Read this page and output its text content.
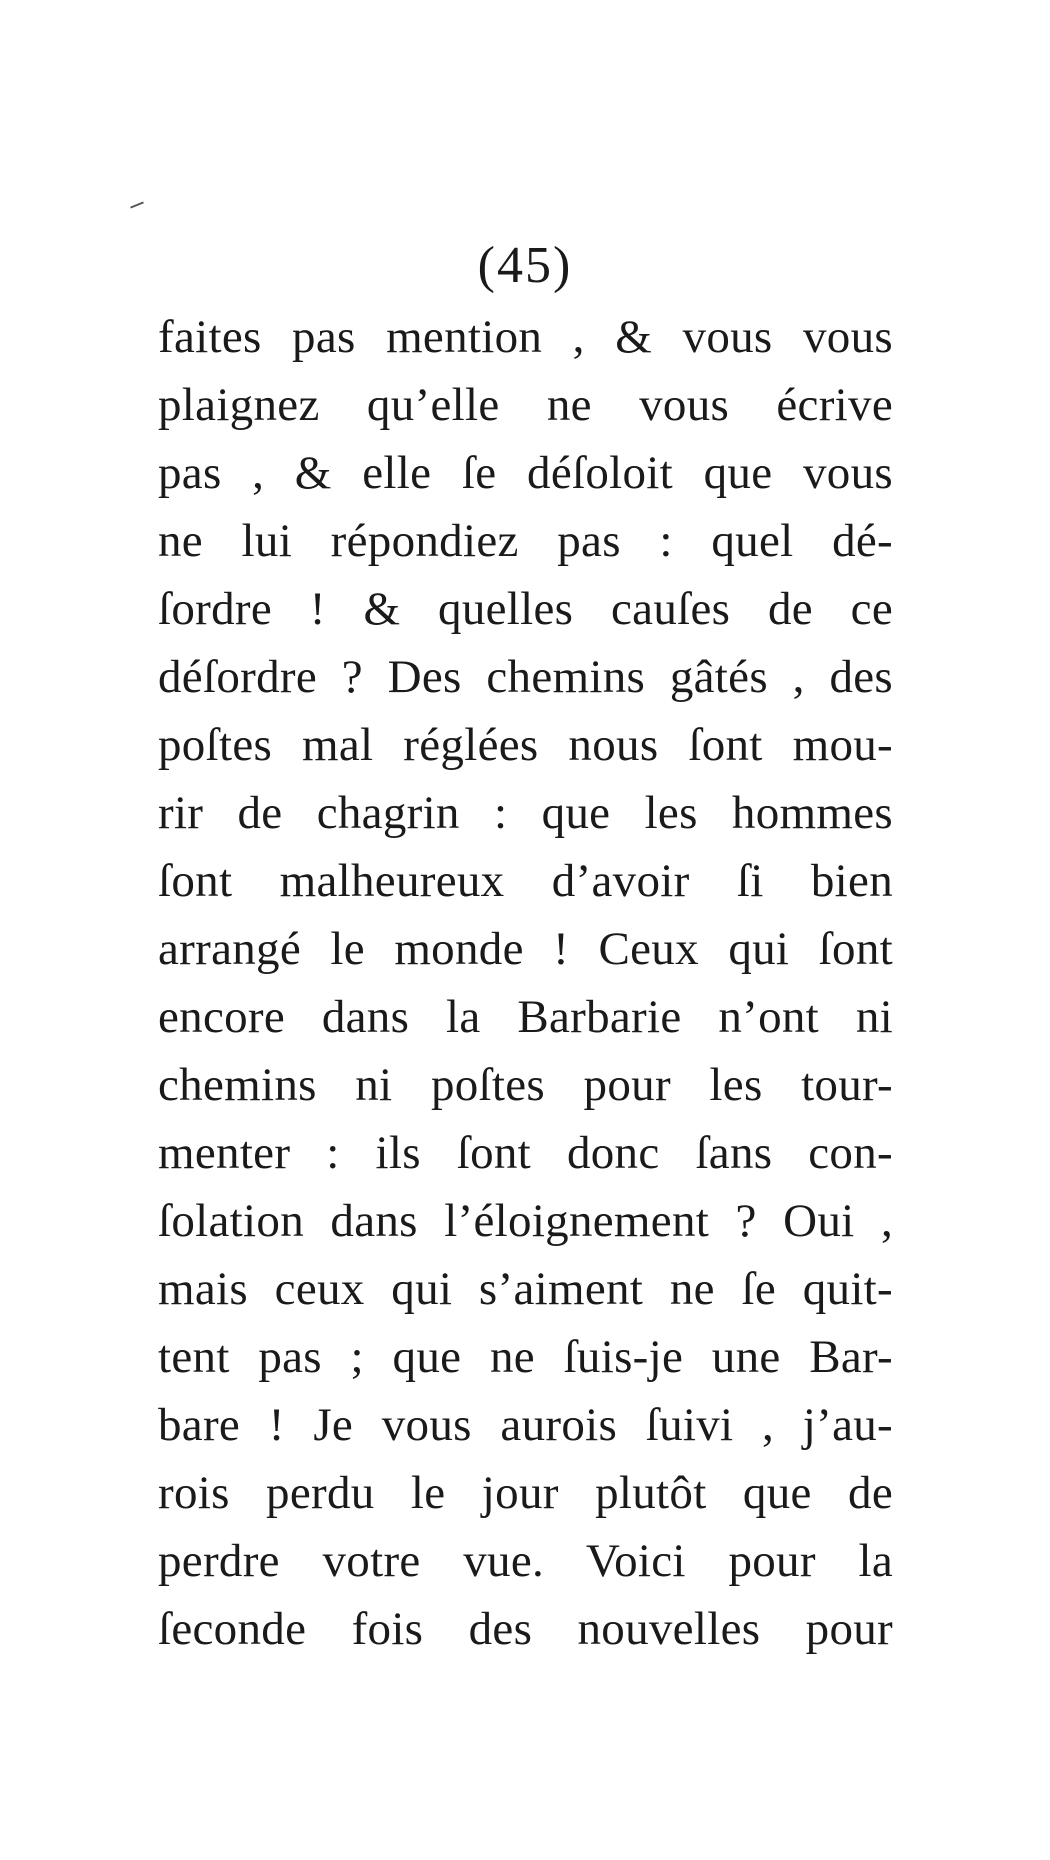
(45)
faites pas mention , & vous vous
plaignez qu’elle ne vous écrive
pas , & elle ſe déſoloit que vous
ne lui répondiez pas : quel dé-
ſordre ! & quelles cauſes de ce
déſordre ? Des chemins gâtés , des
poſtes mal réglées nous ſont mou-
rir de chagrin : que les hommes
ſont malheureux d’avoir ſi bien
arrangé le monde ! Ceux qui ſont
encore dans la Barbarie n’ont ni
chemins ni poſtes pour les tour-
menter : ils ſont donc ſans con-
ſolation dans l’éloignement ? Oui ,
mais ceux qui s’aiment ne ſe quit-
tent pas ; que ne ſuis-je une Bar-
bare ! Je vous aurois ſuivi , j’au-
rois perdu le jour plutôt que de
perdre votre vue. Voici pour la
ſeconde fois des nouvelles pour
